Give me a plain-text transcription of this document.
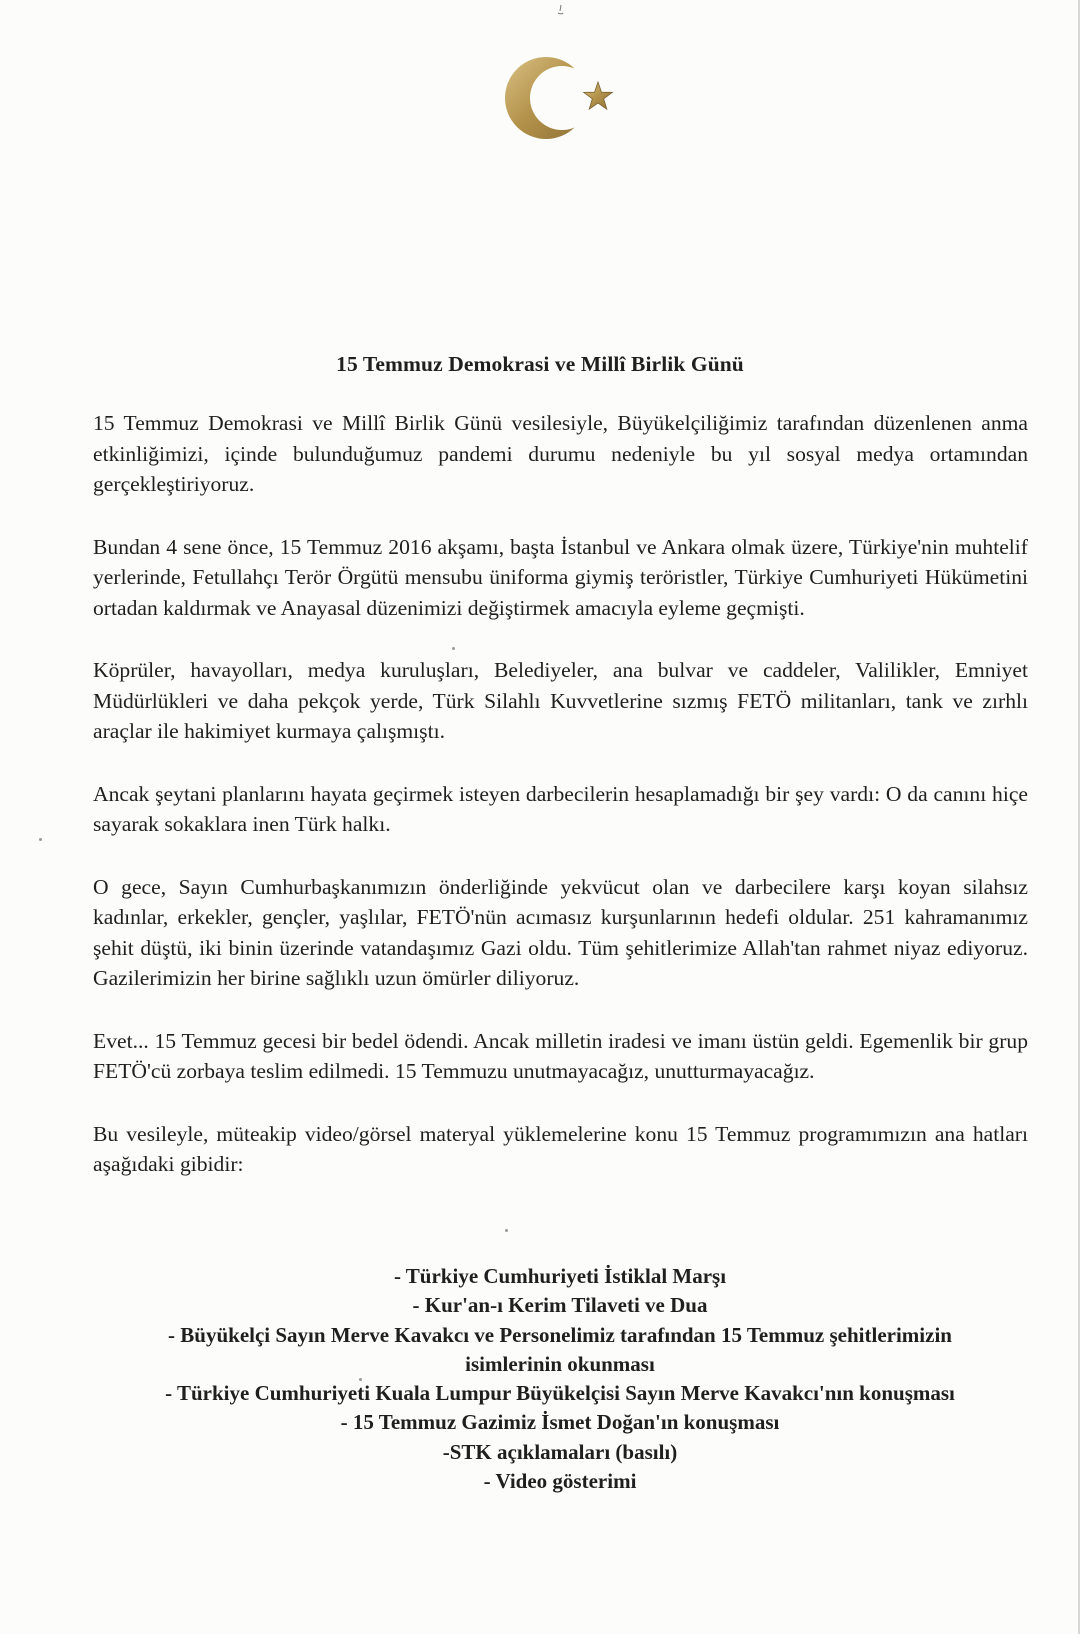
15 Temmuz Demokrasi ve Millî Birlik Günü

15 Temmuz Demokrasi ve Millî Birlik Günü vesilesiyle, Büyükelçiliğimiz tarafından düzenlenen anma etkinliğimizi, içinde bulunduğumuz pandemi durumu nedeniyle bu yıl sosyal medya ortamından gerçekleştiriyoruz.

Bundan 4 sene önce, 15 Temmuz 2016 akşamı, başta İstanbul ve Ankara olmak üzere, Türkiye'nin muhtelif yerlerinde, Fetullahçı Terör Örgütü mensubu üniforma giymiş teröristler, Türkiye Cumhuriyeti Hükümetini ortadan kaldırmak ve Anayasal düzenimizi değiştirmek amacıyla eyleme geçmişti.

Köprüler, havayolları, medya kuruluşları, Belediyeler, ana bulvar ve caddeler, Valilikler, Emniyet Müdürlükleri ve daha pekçok yerde, Türk Silahlı Kuvvetlerine sızmış FETÖ militanları, tank ve zırhlı araçlar ile hakimiyet kurmaya çalışmıştı.

Ancak şeytani planlarını hayata geçirmek isteyen darbecilerin hesaplamadığı bir şey vardı: O da canını hiçe sayarak sokaklara inen Türk halkı.

O gece, Sayın Cumhurbaşkanımızın önderliğinde yekvücut olan ve darbecilere karşı koyan silahsız kadınlar, erkekler, gençler, yaşlılar, FETÖ'nün acımasız kurşunlarının hedefi oldular. 251 kahramanımız şehit düştü, iki binin üzerinde vatandaşımız Gazi oldu. Tüm şehitlerimize Allah'tan rahmet niyaz ediyoruz. Gazilerimizin her birine sağlıklı uzun ömürler diliyoruz.

Evet... 15 Temmuz gecesi bir bedel ödendi. Ancak milletin iradesi ve imanı üstün geldi. Egemenlik bir grup FETÖ'cü zorbaya teslim edilmedi. 15 Temmuzu unutmayacağız, unutturmayacağız.

Bu vesileyle, müteakip video/görsel materyal yüklemelerine konu 15 Temmuz programımızın ana hatları aşağıdaki gibidir:

- Türkiye Cumhuriyeti İstiklal Marşı
- Kur'an-ı Kerim Tilaveti ve Dua
- Büyükelçi Sayın Merve Kavakcı ve Personelimiz tarafından 15 Temmuz şehitlerimizin
isimlerinin okunması
- Türkiye Cumhuriyeti Kuala Lumpur Büyükelçisi Sayın Merve Kavakcı'nın konuşması
- 15 Temmuz Gazimiz İsmet Doğan'ın konuşması
-STK açıklamaları (basılı)
- Video gösterimi
